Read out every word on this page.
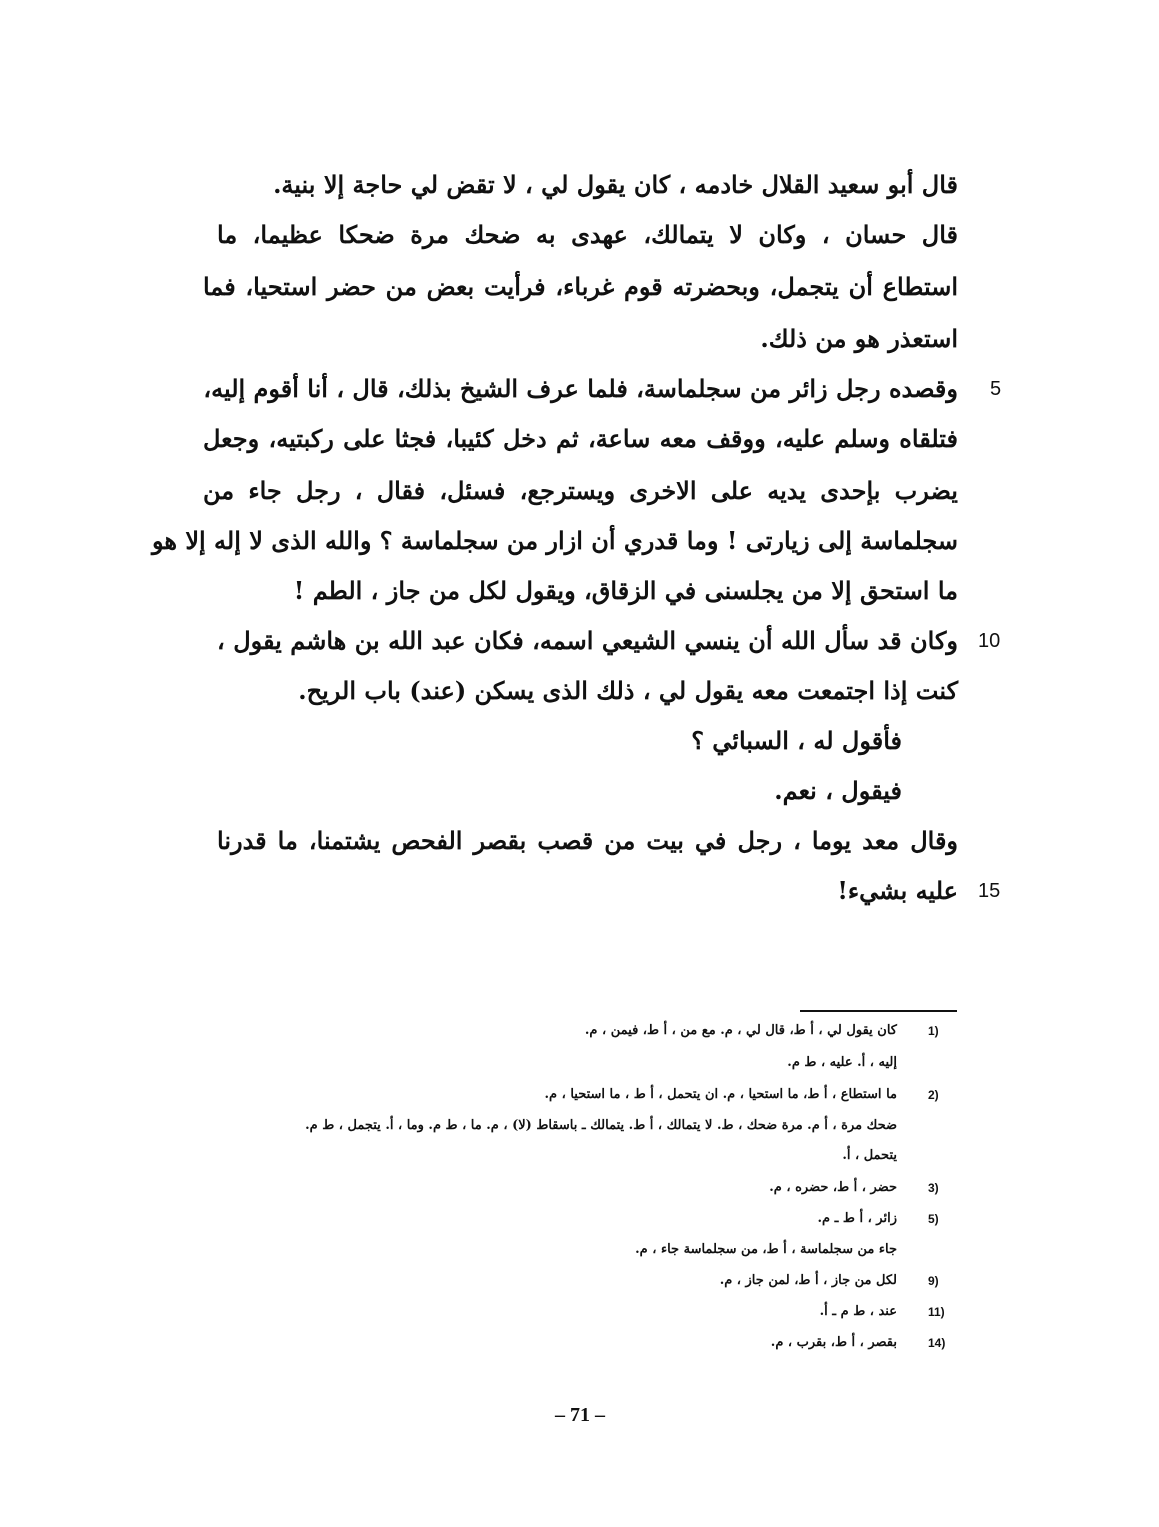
قال أبو سعيد القلال خادمه ، كان يقول لي ، لا تقض لي حاجة إلا بنية.
قال حسان ، وكان لا يتمالك، عهدى به ضحك مرة ضحكا عظيما، ما
استطاع أن يتجمل، وبحضرته قوم غرباء، فرأيت بعض من حضر استحيا، فما
استعذر هو من ذلك.
وقصده رجل زائر من سجلماسة، فلما عرف الشيخ بذلك، قال ، أنا أقوم إليه،
فتلقاه وسلم عليه، ووقف معه ساعة، ثم دخل كئيبا، فجثا على ركبتيه، وجعل
يضرب بإحدى يديه على الاخرى ويسترجع، فسئل، فقال ، رجل جاء من
سجلماسة إلى زيارتى ! وما قدري أن ازار من سجلماسة ؟ والله الذى لا إله إلا هو
ما استحق إلا من يجلسنى في الزقاق، ويقول لكل من جاز ، الطم !
وكان قد سأل الله أن ينسي الشيعي اسمه، فكان عبد الله بن هاشم يقول ،
كنت إذا اجتمعت معه يقول لي ، ذلك الذى يسكن (عند) باب الريح.
فأقول له ، السبائي ؟
فيقول ، نعم.
وقال معد يوما ، رجل في بيت من قصب بقصر الفحص يشتمنا، ما قدرنا
عليه بشيء!
5
10
15
1)
كان يقول لي ، أ ط، قال لي ، م. مع من ، أ ط، فيمن ، م.
إليه ، أ. عليه ، ط م.
2)
ما استطاع ، أ ط، ما استحيا ، م. ان يتحمل ، أ ط ، ما استحيا ، م.
ضحك مرة ، أ م. مرة ضحك ، ط. لا يتمالك ، أ ط. يتمالك ـ باسقاط (لا) ، م. ما ، ط م. وما ، أ. يتجمل ، ط م.
يتحمل ، أ.
3)
حضر ، أ ط، حضره ، م.
5)
زائر ، أ ط ـ م.
جاء من سجلماسة ، أ ط، من سجلماسة جاء ، م.
9)
لكل من جاز ، أ ط، لمن جاز ، م.
11)
عند ، ط م ـ أ.
14)
بقصر ، أ ط، بقرب ، م.
– 71 –
